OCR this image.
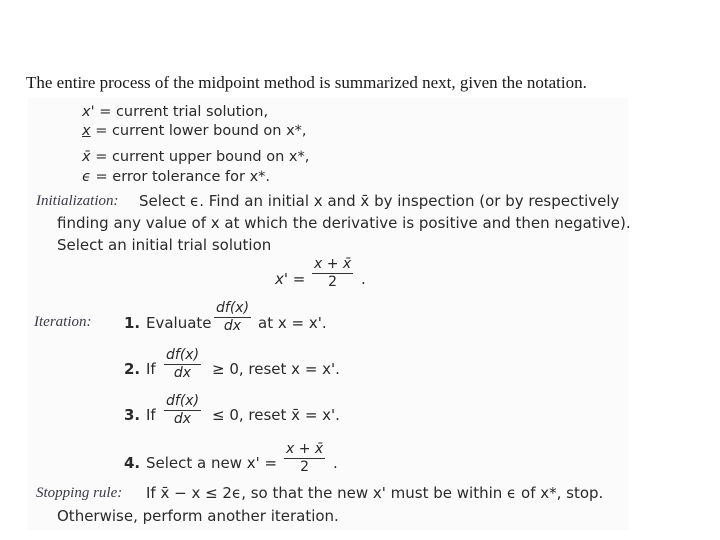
The entire process of the midpoint method is summarized next, given the notation.
x' = current trial solution,
x = current lower bound on x*,
x̄ = current upper bound on x*,
ϵ = error tolerance for x*.
Initialization: Select ϵ. Find an initial x and x̄ by inspection (or by respectively
finding any value of x at which the derivative is positive and then negative).
Select an initial trial solution
$x' = \frac{x + x̄}{2}$ .
Iteration: 1. Evaluate $\frac{df(x)}{dx}$ at x = x'.
2. If $\frac{df(x)}{dx} \ge 0$, reset x = x'.
3. If $\frac{df(x)}{dx} \le 0$, reset x̄ = x'.
4. Select a new $x' = \frac{x + x̄}{2}$ .
Stopping rule: If x̄ − x ≤ 2ϵ, so that the new x' must be within ϵ of x*, stop.
Otherwise, perform another iteration.
